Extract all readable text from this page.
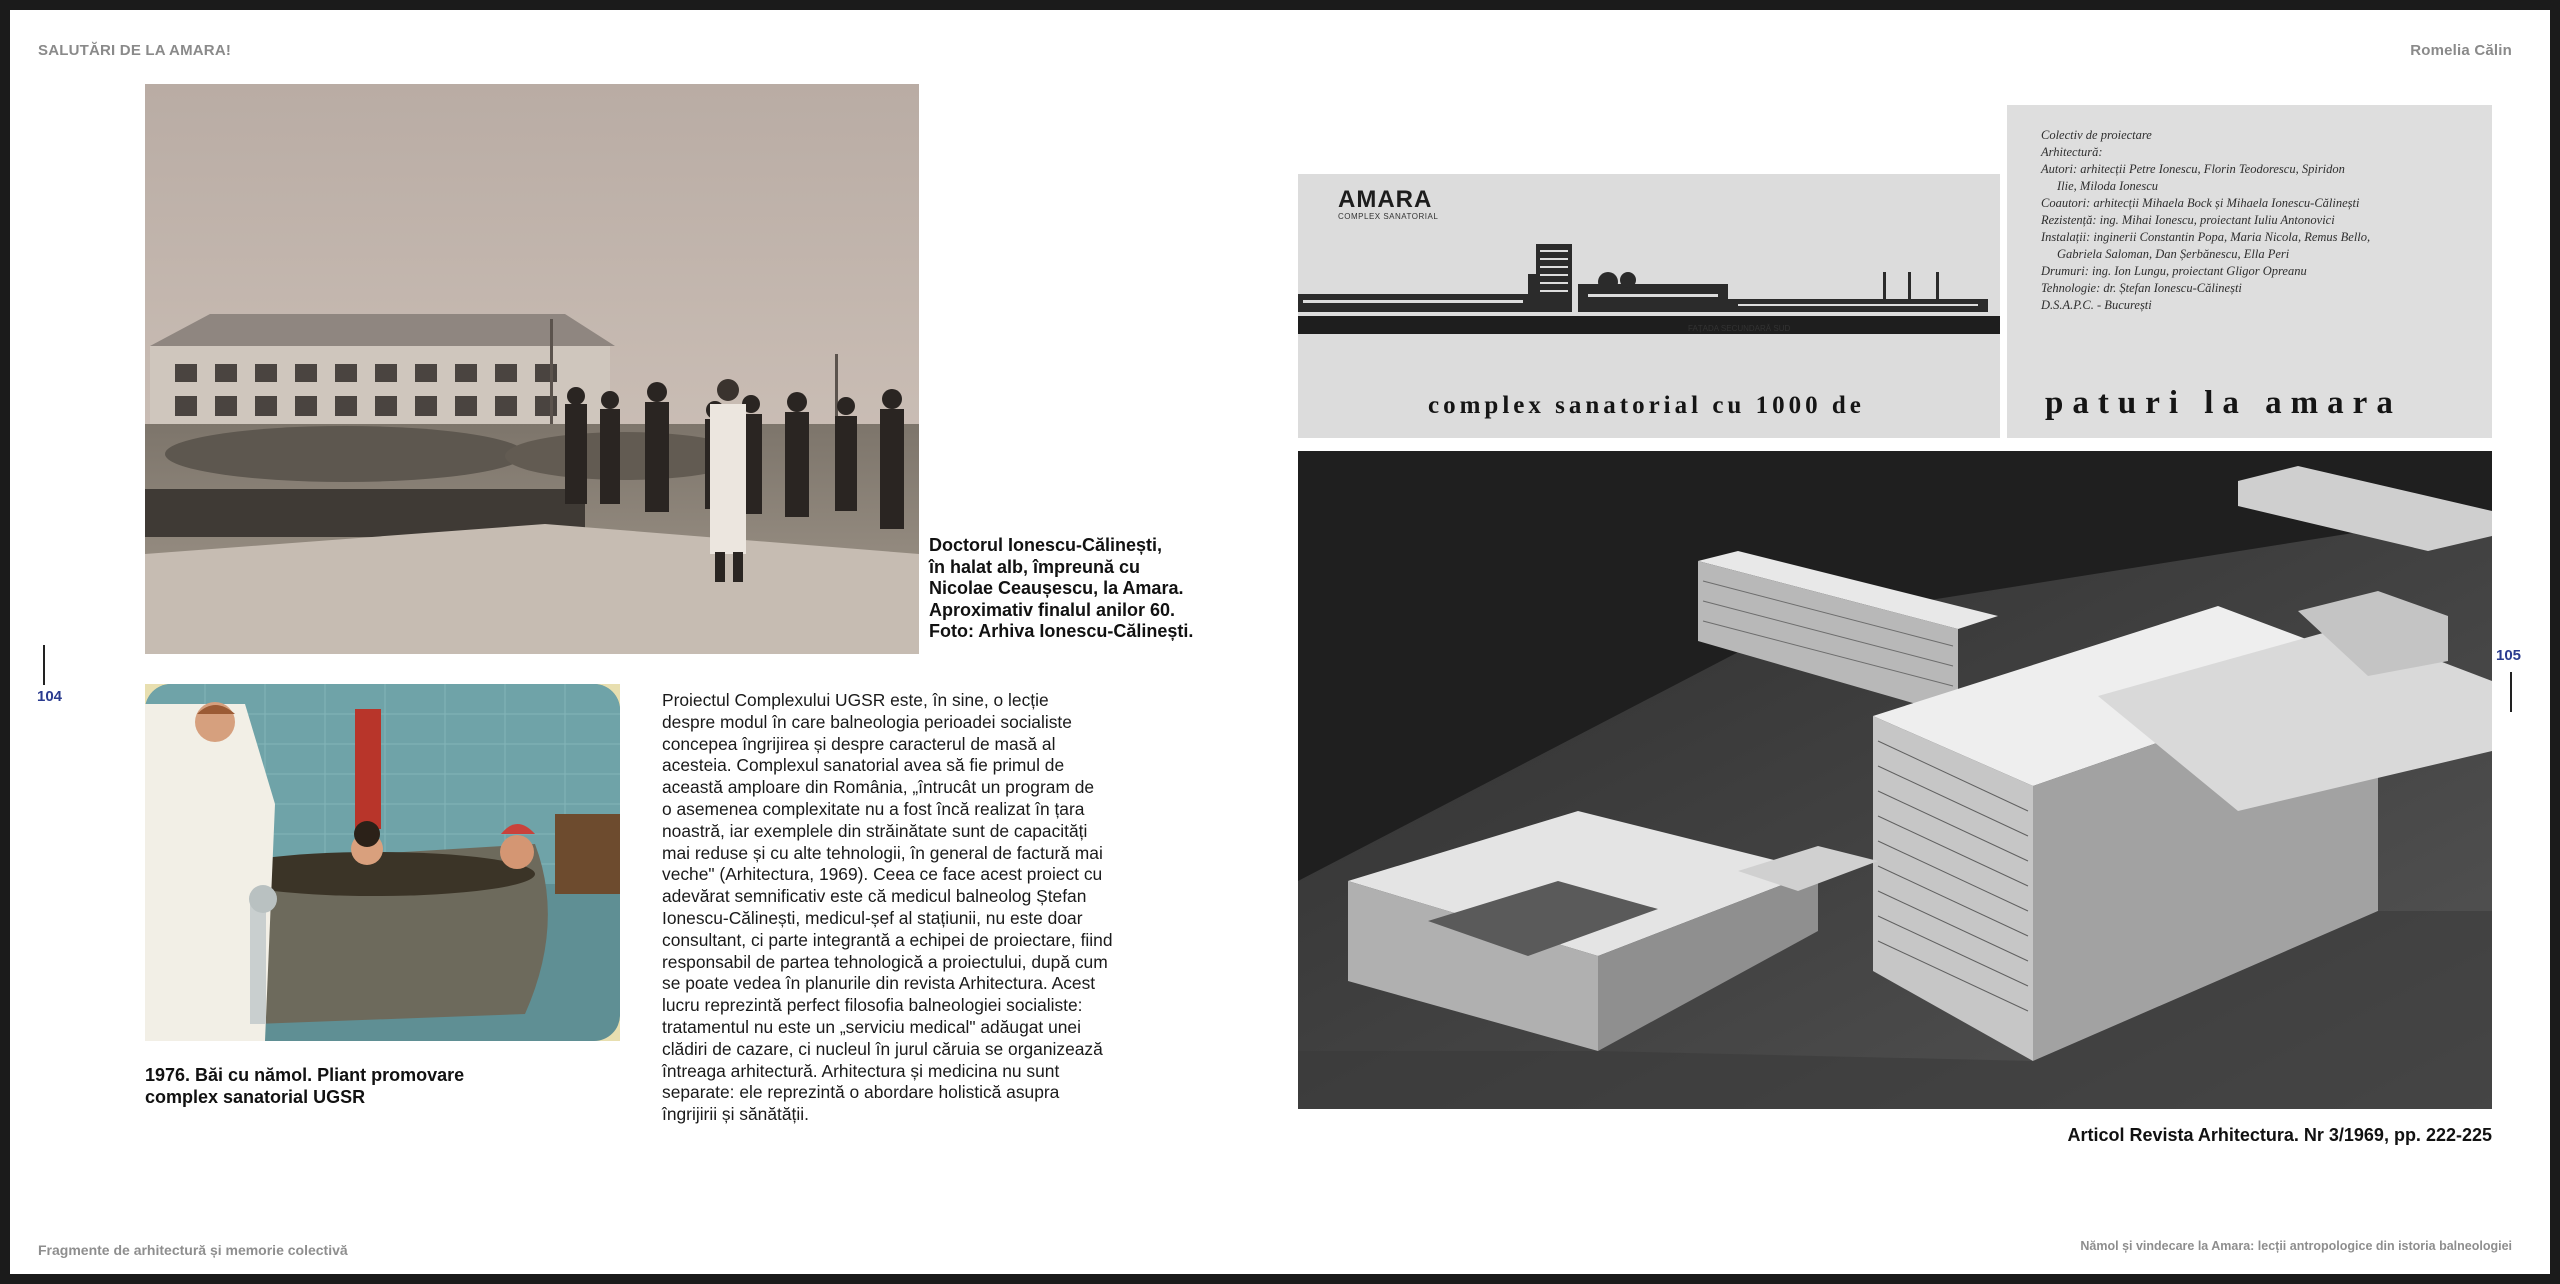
SALUTĂRI DE LA AMARA!	Romelia Călin
104
105
Doctorul Ionescu-Călinești,
în halat alb, împreună cu
Nicolae Ceaușescu, la Amara.
Aproximativ finalul anilor 60.
Foto: Arhiva Ionescu-Călinești.
1976. Băi cu nămol. Pliant promovare
complex sanatorial UGSR

Proiectul Complexului UGSR este, în sine, o lecție

despre modul în care balneologia perioadei socialiste

concepea îngrijirea și despre caracterul de masă al

acesteia. Complexul sanatorial avea să fie primul de

această amploare din România, „întrucât un program de

o asemenea complexitate nu a fost încă realizat în țara

noastră, iar exemplele din străinătate sunt de capacități

mai reduse și cu alte tehnologii, în general de factură mai

veche" (Arhitectura, 1969). Ceea ce face acest proiect cu

adevărat semnificativ este că medicul balneolog Ștefan

Ionescu-Călinești, medicul-șef al stațiunii, nu este doar

consultant, ci parte integrantă a echipei de proiectare, fiind

responsabil de partea tehnologică a proiectului, după cum

se poate vedea în planurile din revista Arhitectura. Acest

lucru reprezintă perfect filosofia balneologiei socialiste:

tratamentul nu este un „serviciu medical" adăugat unei

clădiri de cazare, ci nucleul în jurul căruia se organizează

întreaga arhitectură. Arhitectura și medicina nu sunt

separate: ele reprezintă o abordare holistică asupra

îngrijirii și sănătății.

AMARA
COMPLEX SANATORIAL
FAȚADA SECUNDARĂ SUD
complex sanatorial cu 1000 de
Colectiv de proiectare
Arhitectură:
Autori: arhitecții Petre Ionescu, Florin Teodorescu, Spiridon
Ilie, Miloda Ionescu
Coautori: arhitecții Mihaela Bock și Mihaela Ionescu-Călinești
Rezistență: ing. Mihai Ionescu, proiectant Iuliu Antonovici
Instalații: inginerii Constantin Popa, Maria Nicola, Remus Bello,
Gabriela Saloman, Dan Șerbănescu, Ella Peri
Drumuri: ing. Ion Lungu, proiectant Gligor Opreanu
Tehnologie: dr. Ștefan Ionescu-Călinești
D.S.A.P.C. - București
paturi la amara
Articol Revista Arhitectura. Nr 3/1969, pp. 222-225
Fragmente de arhitectură și memorie colectivă	Nămol și vindecare la Amara: lecții antropologice din istoria balneologiei
